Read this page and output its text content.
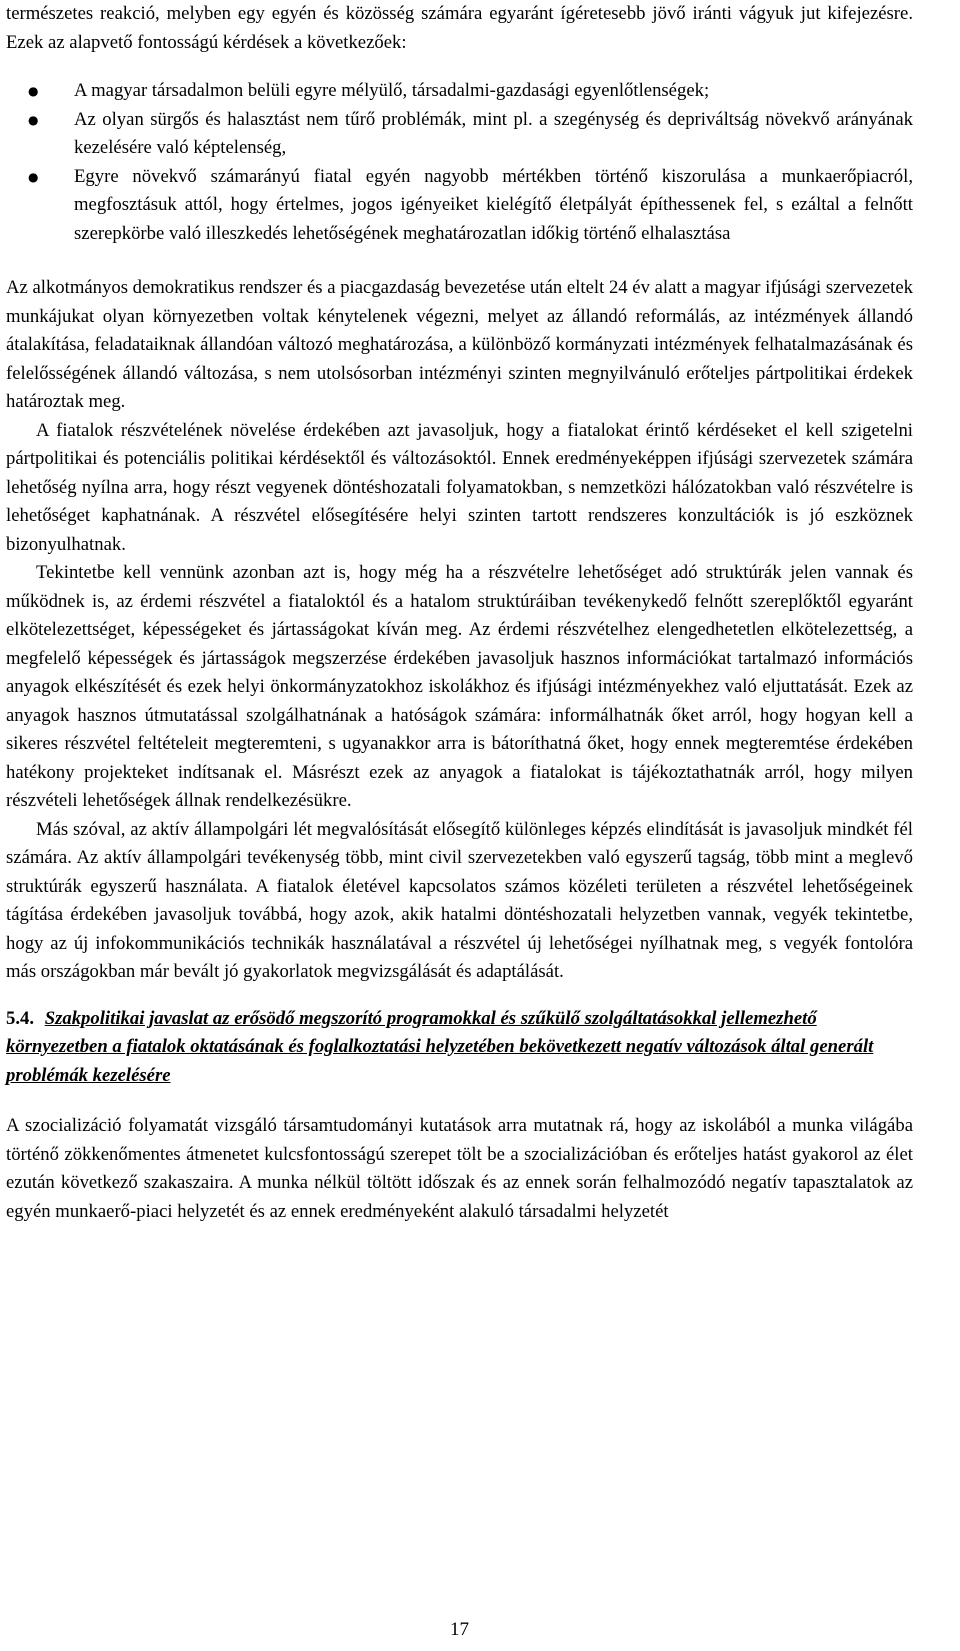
természetes reakció, melyben egy egyén és közösség számára egyaránt ígéretesebb jövő iránti vágyuk jut kifejezésre. Ezek az alapvető fontosságú kérdések a következőek:

● A magyar társadalmon belüli egyre mélyülő, társadalmi-gazdasági egyenlőtlenségek;
● Az olyan sürgős és halasztást nem tűrő problémák, mint pl. a szegénység és depriváltság növekvő arányának kezelésére való képtelenség,
● Egyre növekvő számarányú fiatal egyén nagyobb mértékben történő kiszorulása a munkaerőpiacról, megfosztásuk attól, hogy értelmes, jogos igényeiket kielégítő életpályát építhessenek fel, s ezáltal a felnőtt szerepkörbe való illeszkedés lehetőségének meghatározatlan időkig történő elhalasztása

Az alkotmányos demokratikus rendszer és a piacgazdaság bevezetése után eltelt 24 év alatt a magyar ifjúsági szervezetek munkájukat olyan környezetben voltak kénytelenek végezni, melyet az állandó reformálás, az intézmények állandó átalakítása, feladataiknak állandóan változó meghatározása, a különböző kormányzati intézmények felhatalmazásának és felelősségének állandó változása, s nem utolsósorban intézményi szinten megnyilvánuló erőteljes pártpolitikai érdekek határoztak meg.

A fiatalok részvételének növelése érdekében azt javasoljuk, hogy a fiatalokat érintő kérdéseket el kell szigetelni pártpolitikai és potenciális politikai kérdésektől és változásoktól. Ennek eredményeképpen ifjúsági szervezetek számára lehetőség nyílna arra, hogy részt vegyenek döntéshozatali folyamatokban, s nemzetközi hálózatokban való részvételre is lehetőséget kaphatnának. A részvétel elősegítésére helyi szinten tartott rendszeres konzultációk is jó eszköznek bizonyulhatnak.

Tekintetbe kell vennünk azonban azt is, hogy még ha a részvételre lehetőséget adó struktúrák jelen vannak és működnek is, az érdemi részvétel a fiataloktól és a hatalom struktúráiban tevékenykedő felnőtt szereplőktől egyaránt elkötelezettséget, képességeket és jártasságokat kíván meg. Az érdemi részvételhez elengedhetetlen elkötelezettség, a megfelelő képességek és jártasságok megszerzése érdekében javasoljuk hasznos információkat tartalmazó információs anyagok elkészítését és ezek helyi önkormányzatokhoz iskolákhoz és ifjúsági intézményekhez való eljuttatását. Ezek az anyagok hasznos útmutatással szolgálhatnának a hatóságok számára: informálhatnák őket arról, hogy hogyan kell a sikeres részvétel feltételeit megteremteni, s ugyanakkor arra is bátoríthatná őket, hogy ennek megteremtése érdekében hatékony projekteket indítsanak el. Másrészt ezek az anyagok a fiatalokat is tájékoztathatnák arról, hogy milyen részvételi lehetőségek állnak rendelkezésükre.

Más szóval, az aktív állampolgári lét megvalósítását elősegítő különleges képzés elindítását is javasoljuk mindkét fél számára. Az aktív állampolgári tevékenység több, mint civil szervezetekben való egyszerű tagság, több mint a meglevő struktúrák egyszerű használata. A fiatalok életével kapcsolatos számos közéleti területen a részvétel lehetőségeinek tágítása érdekében javasoljuk továbbá, hogy azok, akik hatalmi döntéshozatali helyzetben vannak, vegyék tekintetbe, hogy az új infokommunikációs technikák használatával a részvétel új lehetőségei nyílhatnak meg, s vegyék fontolóra más országokban már bevált jó gyakorlatok megvizsgálását és adaptálását.

5.4. Szakpolitikai javaslat az erősödő megszorító programokkal és szűkülő szolgáltatásokkal jellemezhető környezetben a fiatalok oktatásának és foglalkoztatási helyzetében bekövetkezett negatív változások által generált problémák kezelésére

A szocializáció folyamatát vizsgáló társamtudományi kutatások arra mutatnak rá, hogy az iskolából a munka világába történő zökkenőmentes átmenetet kulcsfontosságú szerepet tölt be a szocializációban és erőteljes hatást gyakorol az élet ezután következő szakaszaira. A munka nélkül töltött időszak és az ennek során felhalmozódó negatív tapasztalatok az egyén munkaerő-piaci helyzetét és az ennek eredményeként alakuló társadalmi helyzetét

17
